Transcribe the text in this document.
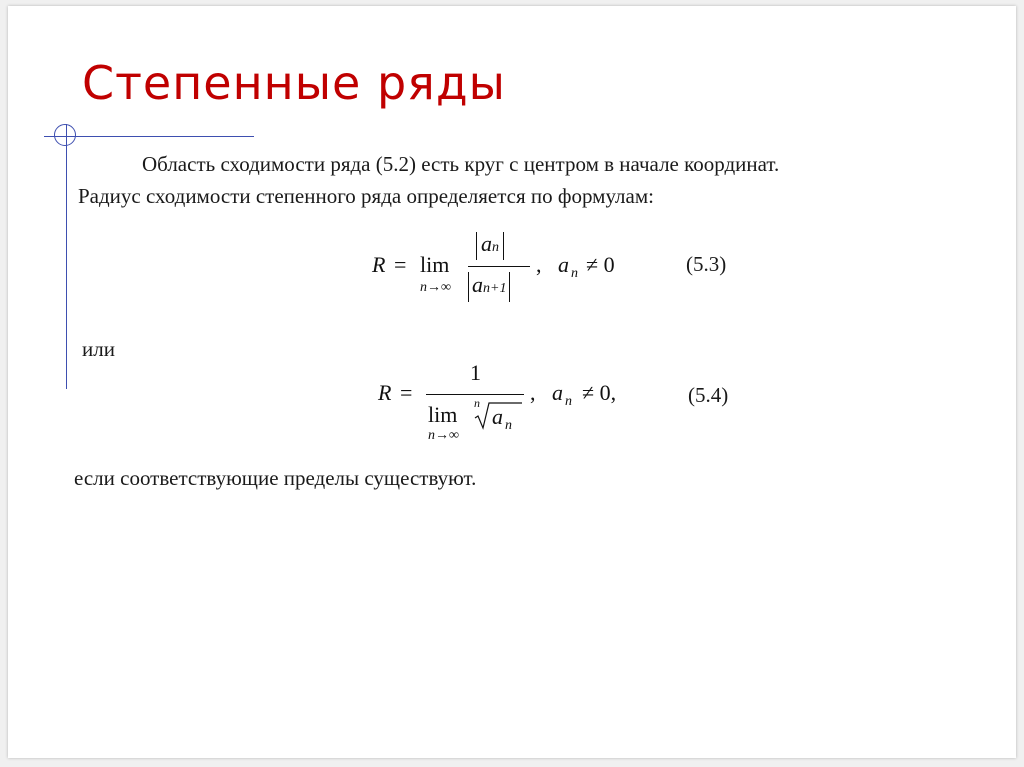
Степенные ряды
Область сходимости ряда (5.2) есть круг с центром в начале координат.
Радиус сходимости степенного ряда определяется по формулам:
R = lim
n→∞
an
an+1
, a n ≠ 0	(5.3)
или
R =
1
lim
n→∞
n
a n
, a n ≠ 0,	(5.4)
если соответствующие пределы существуют.
